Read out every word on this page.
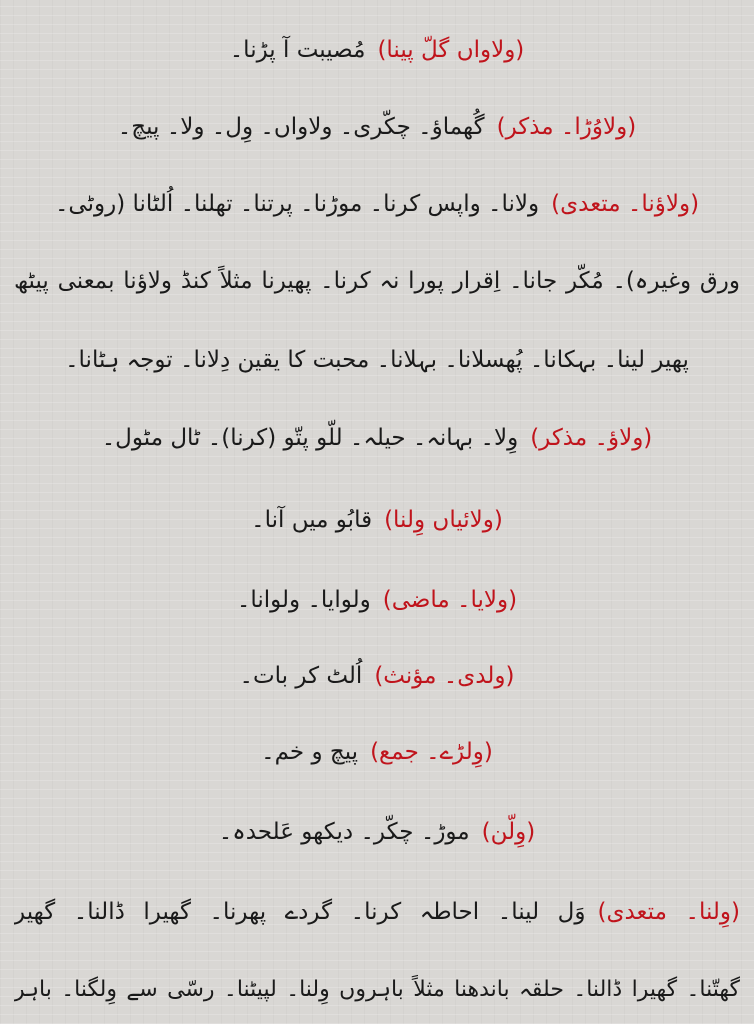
(ولاواں گلّ پینا)مُصیبت آ پڑنا۔
(ولاوُڑا۔ مذکر)گُھماؤ۔ چکّری۔ ولاواں۔ وِل۔ ولا۔ پیچ۔
(ولاؤنا۔ متعدی)ولانا۔ واپس کرنا۔ موڑنا۔ پرتنا۔ تھلنا۔ اُلٹانا (روٹی۔
ورق وغیرہ)۔ مُکّر جانا۔ اِقرار پورا نہ کرنا۔ پھیرنا مثلاً کنڈ ولاؤنا بمعنی پیٹھ
پھیر لینا۔ بہکانا۔ پُھسلانا۔ بہلانا۔ محبت کا یقین دِلانا۔ توجہ ہٹانا۔
(ولاؤ۔ مذکر)وِلا۔ بہانہ۔ حیلہ۔ للّو پتّو (کرنا)۔ ٹال مٹول۔
(ولائیاں وِلنا)قابُو میں آنا۔
(ولایا۔ ماضی)ولوایا۔ ولوانا۔
(ولدی۔ مؤنث)اُلٹ کر بات۔
(وِلڑے۔ جمع)پیچ و خم۔
(وِلّن)موڑ۔ چکّر۔ دیکھو عَلحدہ۔
(وِلنا۔ متعدی)وَل لینا۔ احاطہ کرنا۔ گردے پھرنا۔ گھیرا ڈالنا۔ گھیر
گھتّنا۔ گھیرا ڈالنا۔ حلقہ باندھنا مثلاً باہروں وِلنا۔ لپیٹنا۔ رسّی سے وِلگنا۔ باہر
